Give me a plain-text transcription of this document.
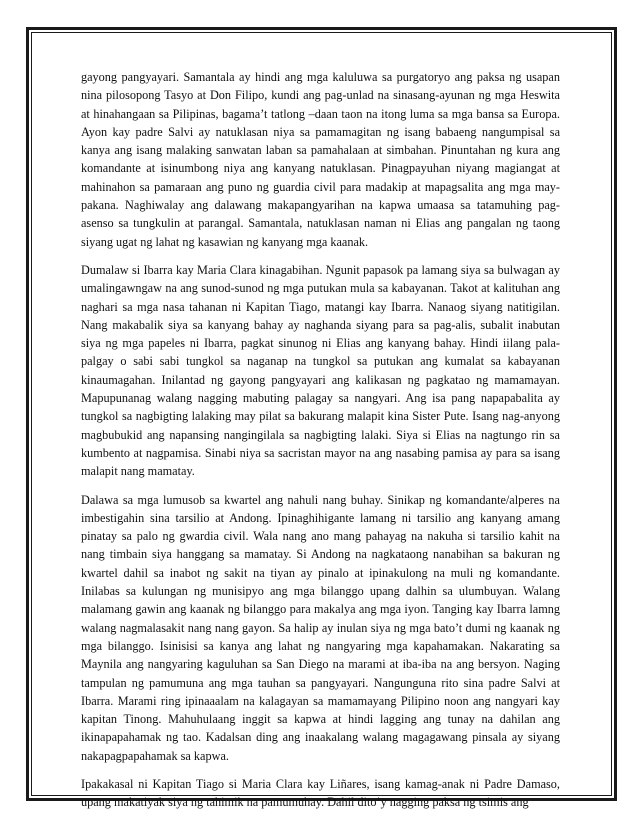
gayong pangyayari. Samantala ay hindi ang mga kaluluwa sa purgatoryo ang paksa ng usapan nina pilosopong Tasyo at Don Filipo, kundi ang pag-unlad na sinasang-ayunan ng mga Heswita at hinahangaan sa Pilipinas, bagama’t tatlong –daan taon na itong luma sa mga bansa sa Europa. Ayon kay padre Salvi ay natuklasan niya sa pamamagitan ng isang babaeng nangumpisal sa kanya ang isang malaking sanwatan laban sa pamahalaan at simbahan. Pinuntahan ng kura ang komandante at isinumbong niya ang kanyang natuklasan. Pinagpayuhan niyang magiangat at mahinahon sa pamaraan ang puno ng guardia civil para madakip at mapagsalita ang mga may-pakana. Naghiwalay ang dalawang makapangyarihan na kapwa umaasa sa tatamuhing pag-asenso sa tungkulin at parangal. Samantala, natuklasan naman ni Elias ang pangalan ng taong siyang ugat ng lahat ng kasawian ng kanyang mga kaanak.

Dumalaw si Ibarra kay Maria Clara kinagabihan. Ngunit papasok pa lamang siya sa bulwagan ay umalingawngaw na ang sunod-sunod ng mga putukan mula sa kabayanan. Takot at kalituhan ang naghari sa mga nasa tahanan ni Kapitan Tiago, matangi kay Ibarra. Nanaog siyang natitigilan. Nang makabalik siya sa kanyang bahay ay naghanda siyang para sa pag-alis, subalit inabutan siya ng mga papeles ni Ibarra, pagkat sinunog ni Elias ang kanyang bahay. Hindi iilang pala-palgay o sabi sabi tungkol sa naganap na tungkol sa putukan ang kumalat sa kabayanan kinaumagahan. Inilantad ng gayong pangyayari ang kalikasan ng pagkatao ng mamamayan. Mapupunanag walang nagging mabuting palagay sa nangyari. Ang isa pang napapabalita ay tungkol sa nagbigting lalaking may pilat sa bakurang malapit kina Sister Pute. Isang nag-anyong magbubukid ang napansing nangingilala sa nagbigting lalaki. Siya si Elias na nagtungo rin sa kumbento at nagpamisa. Sinabi niya sa sacristan mayor na ang nasabing pamisa ay para sa isang malapit nang mamatay.

Dalawa sa mga lumusob sa kwartel ang nahuli nang buhay. Sinikap ng komandante/alperes na imbestigahin sina tarsilio at Andong. Ipinaghihigante lamang ni tarsilio ang kanyang amang pinatay sa palo ng gwardia civil. Wala nang ano mang pahayag na nakuha si tarsilio kahit na nang timbain siya hanggang sa mamatay. Si Andong na nagkataong nanabihan sa bakuran ng kwartel dahil sa inabot ng sakit na tiyan ay pinalo at ipinakulong na muli ng komandante. Inilabas sa kulungan ng munisipyo ang mga bilanggo upang dalhin sa ulumbuyan. Walang malamang gawin ang kaanak ng bilanggo para makalya ang mga iyon. Tanging kay Ibarra lamng walang nagmalasakit nang nang gayon. Sa halip ay inulan siya ng mga bato’t dumi ng kaanak ng mga bilanggo. Isinisisi sa kanya ang lahat ng nangyaring mga kapahamakan. Nakarating sa Maynila ang nangyaring kaguluhan sa San Diego na marami at iba-iba na ang bersyon. Naging tampulan ng pamumuna ang mga tauhan sa pangyayari. Nangunguna rito sina padre Salvi at Ibarra. Marami ring ipinaaalam na kalagayan sa mamamayang Pilipino noon ang nangyari kay kapitan Tinong. Mahuhulaang inggit sa kapwa at hindi lagging ang tunay na dahilan ang ikinapapahamak ng tao. Kadalsan ding ang inaakalang walang magagawang pinsala ay siyang nakapagpapahamak sa kapwa.

Ipakakasal ni Kapitan Tiago si Maria Clara kay Liñares, isang kamag-anak ni Padre Damaso, upang makatiyak siya ng tahimik na pamumuhay. Dahil dito’y nagging paksa ng tsimis ang
